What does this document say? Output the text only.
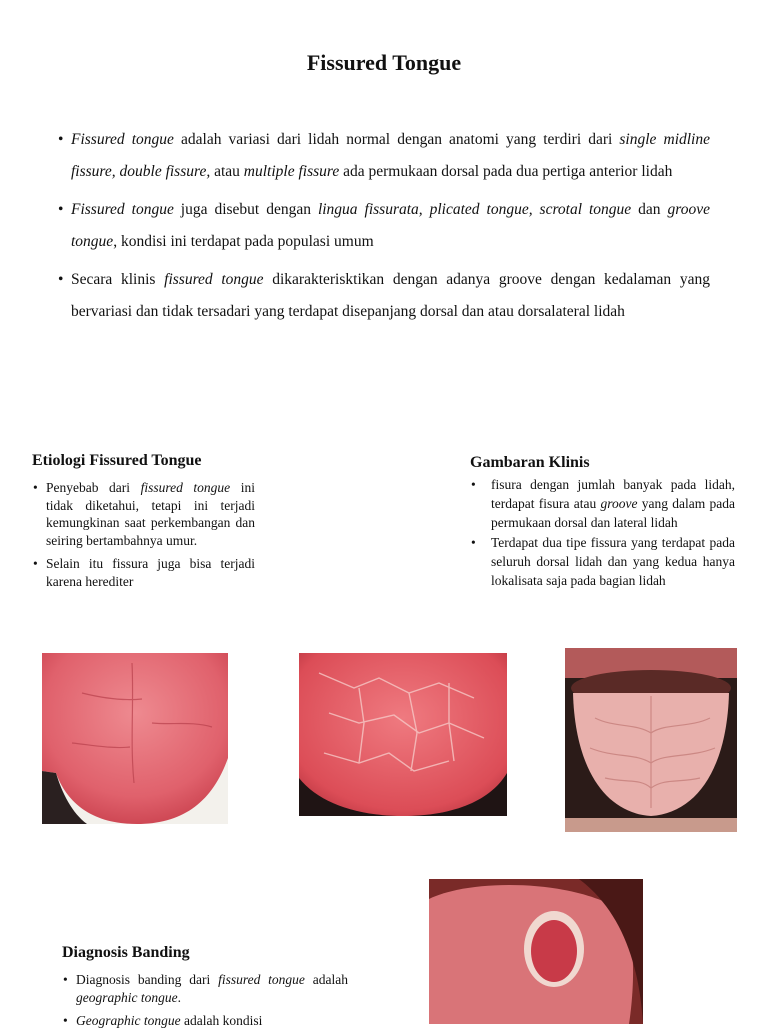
Fissured Tongue
• Fissured tongue adalah variasi dari lidah normal dengan anatomi yang terdiri dari single midline fissure, double fissure, atau multiple fissure ada permukaan dorsal pada dua pertiga anterior lidah
• Fissured tongue juga disebut dengan lingua fissurata, plicated tongue, scrotal tongue dan groove tongue, kondisi ini terdapat pada populasi umum
• Secara klinis fissured tongue dikarakterisktikan dengan adanya groove dengan kedalaman yang bervariasi dan tidak tersadari yang terdapat disepanjang dorsal dan atau dorsalateral lidah
Etiologi Fissured Tongue
• Penyebab dari fissured tongue ini tidak diketahui, tetapi ini terjadi kemungkinan saat perkembangan dan seiring bertambahnya umur.
• Selain itu fissura juga bisa terjadi karena herediter
Gambaran Klinis
• fisura dengan jumlah banyak pada lidah, terdapat fisura atau groove yang dalam pada permukaan dorsal dan lateral lidah
• Terdapat dua tipe fissura yang terdapat pada seluruh dorsal lidah dan yang kedua hanya lokalisata saja pada bagian lidah
Diagnosis Banding
• Diagnosis banding dari fissured tongue adalah geographic tongue.
• Geographic tongue adalah kondisi
